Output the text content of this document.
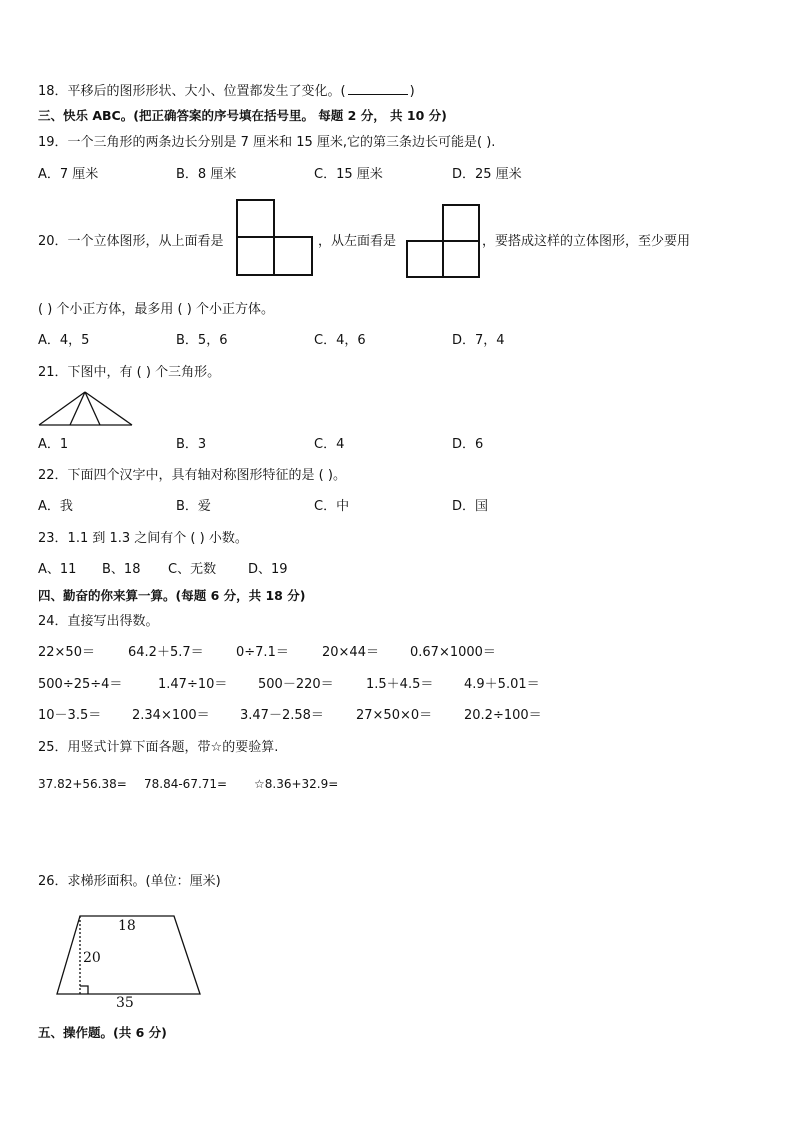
18．平移后的图形形状、大小、位置都发生了变化。(	)
三、快乐 ABC。(把正确答案的序号填在括号里。 每题 2 分， 共 10 分)
19．一个三角形的两条边长分别是 7 厘米和 15 厘米,它的第三条边长可能是( ).
A．7 厘米	B．8 厘米	C．15 厘米	D．25 厘米
20．一个立体图形，从上面看是	，从左面看是	，要搭成这样的立体图形，至少要用
( ) 个小正方体，最多用 ( ) 个小正方体。
A．4，5	B．5，6	C．4，6	D．7，4
21．下图中，有 ( ) 个三角形。
A．1	B．3	C．4	D．6
22．下面四个汉字中，具有轴对称图形特征的是 ( )。
A．我	B．爱	C．中	D．国
23．1.1 到 1.3 之间有个 ( ) 小数。
A、11 B、18 C、无数 D、19
四、勤奋的你来算一算。(每题 6 分，共 18 分)
24．直接写出得数。
22×50＝	64.2＋5.7＝ 0÷7.1＝	20×44＝ 0.67×1000＝
500÷25÷4＝	1.47÷10＝ 500－220＝ 1.5＋4.5＝ 4.9＋5.01＝
10－3.5＝ 2.34×100＝ 3.47－2.58＝ 27×50×0＝ 20.2÷100＝
25．用竖式计算下面各题，带☆的要验算.
37.82+56.38= 78.84-67.71= ☆8.36+32.9=
26．求梯形面积。(单位：厘米)
18
20
35
五、操作题。(共 6 分)
